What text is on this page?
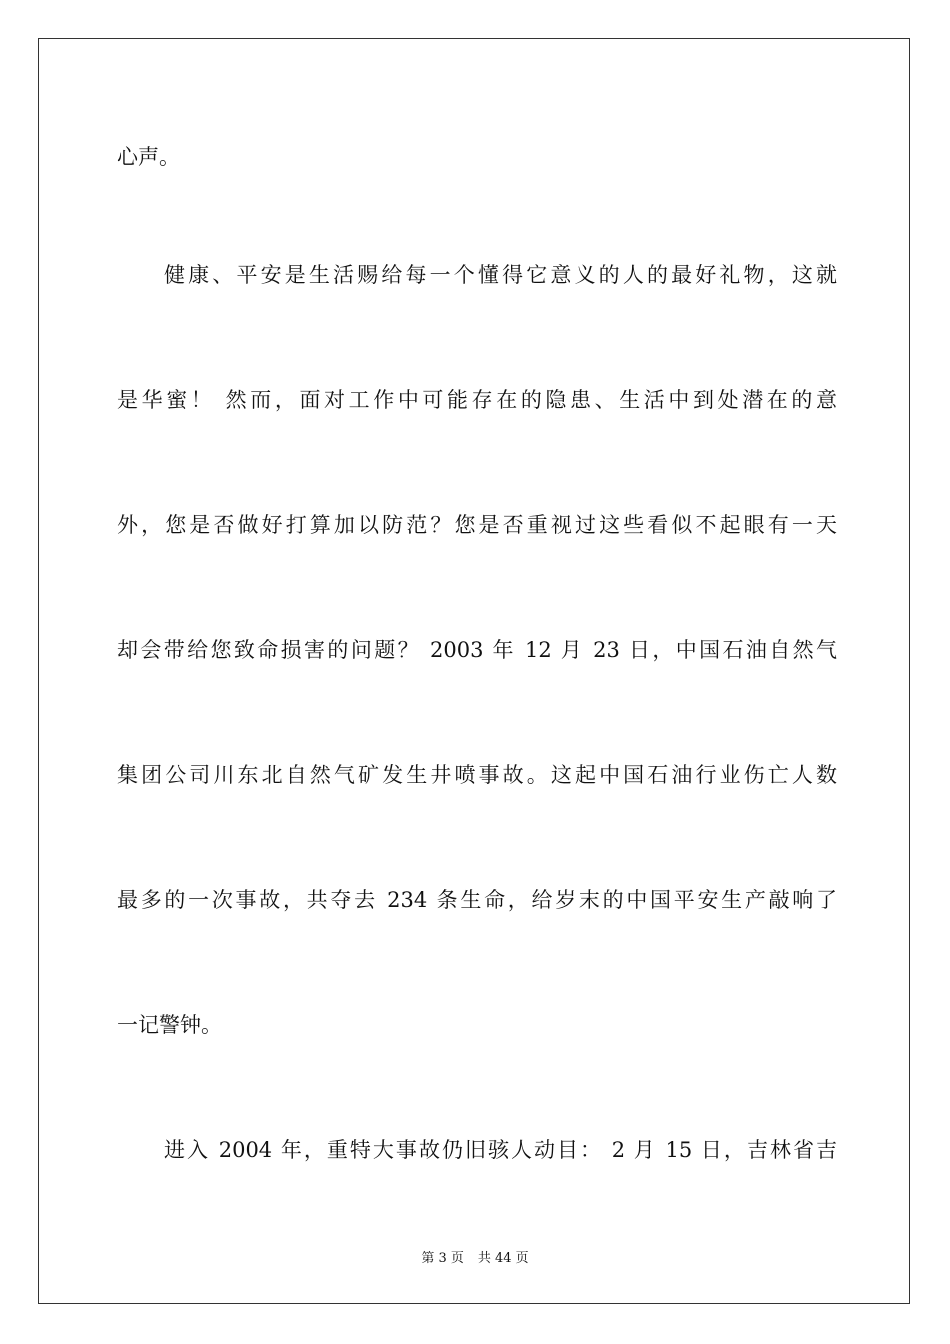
心声。
健康、平安是生活赐给每一个懂得它意义的人的最好礼物，这就
是华蜜！ 然而，面对工作中可能存在的隐患、生活中到处潜在的意
外，您是否做好打算加以防范？您是否重视过这些看似不起眼有一天
却会带给您致命损害的问题？ 2003 年 12 月 23 日，中国石油自然气
集团公司川东北自然气矿发生井喷事故。这起中国石油行业伤亡人数
最多的一次事故，共夺去 234 条生命，给岁末的中国平安生产敲响了
一记警钟。
进入 2004 年，重特大事故仍旧骇人动目： 2 月 15 日，吉林省吉
第 3 页 共 44 页
